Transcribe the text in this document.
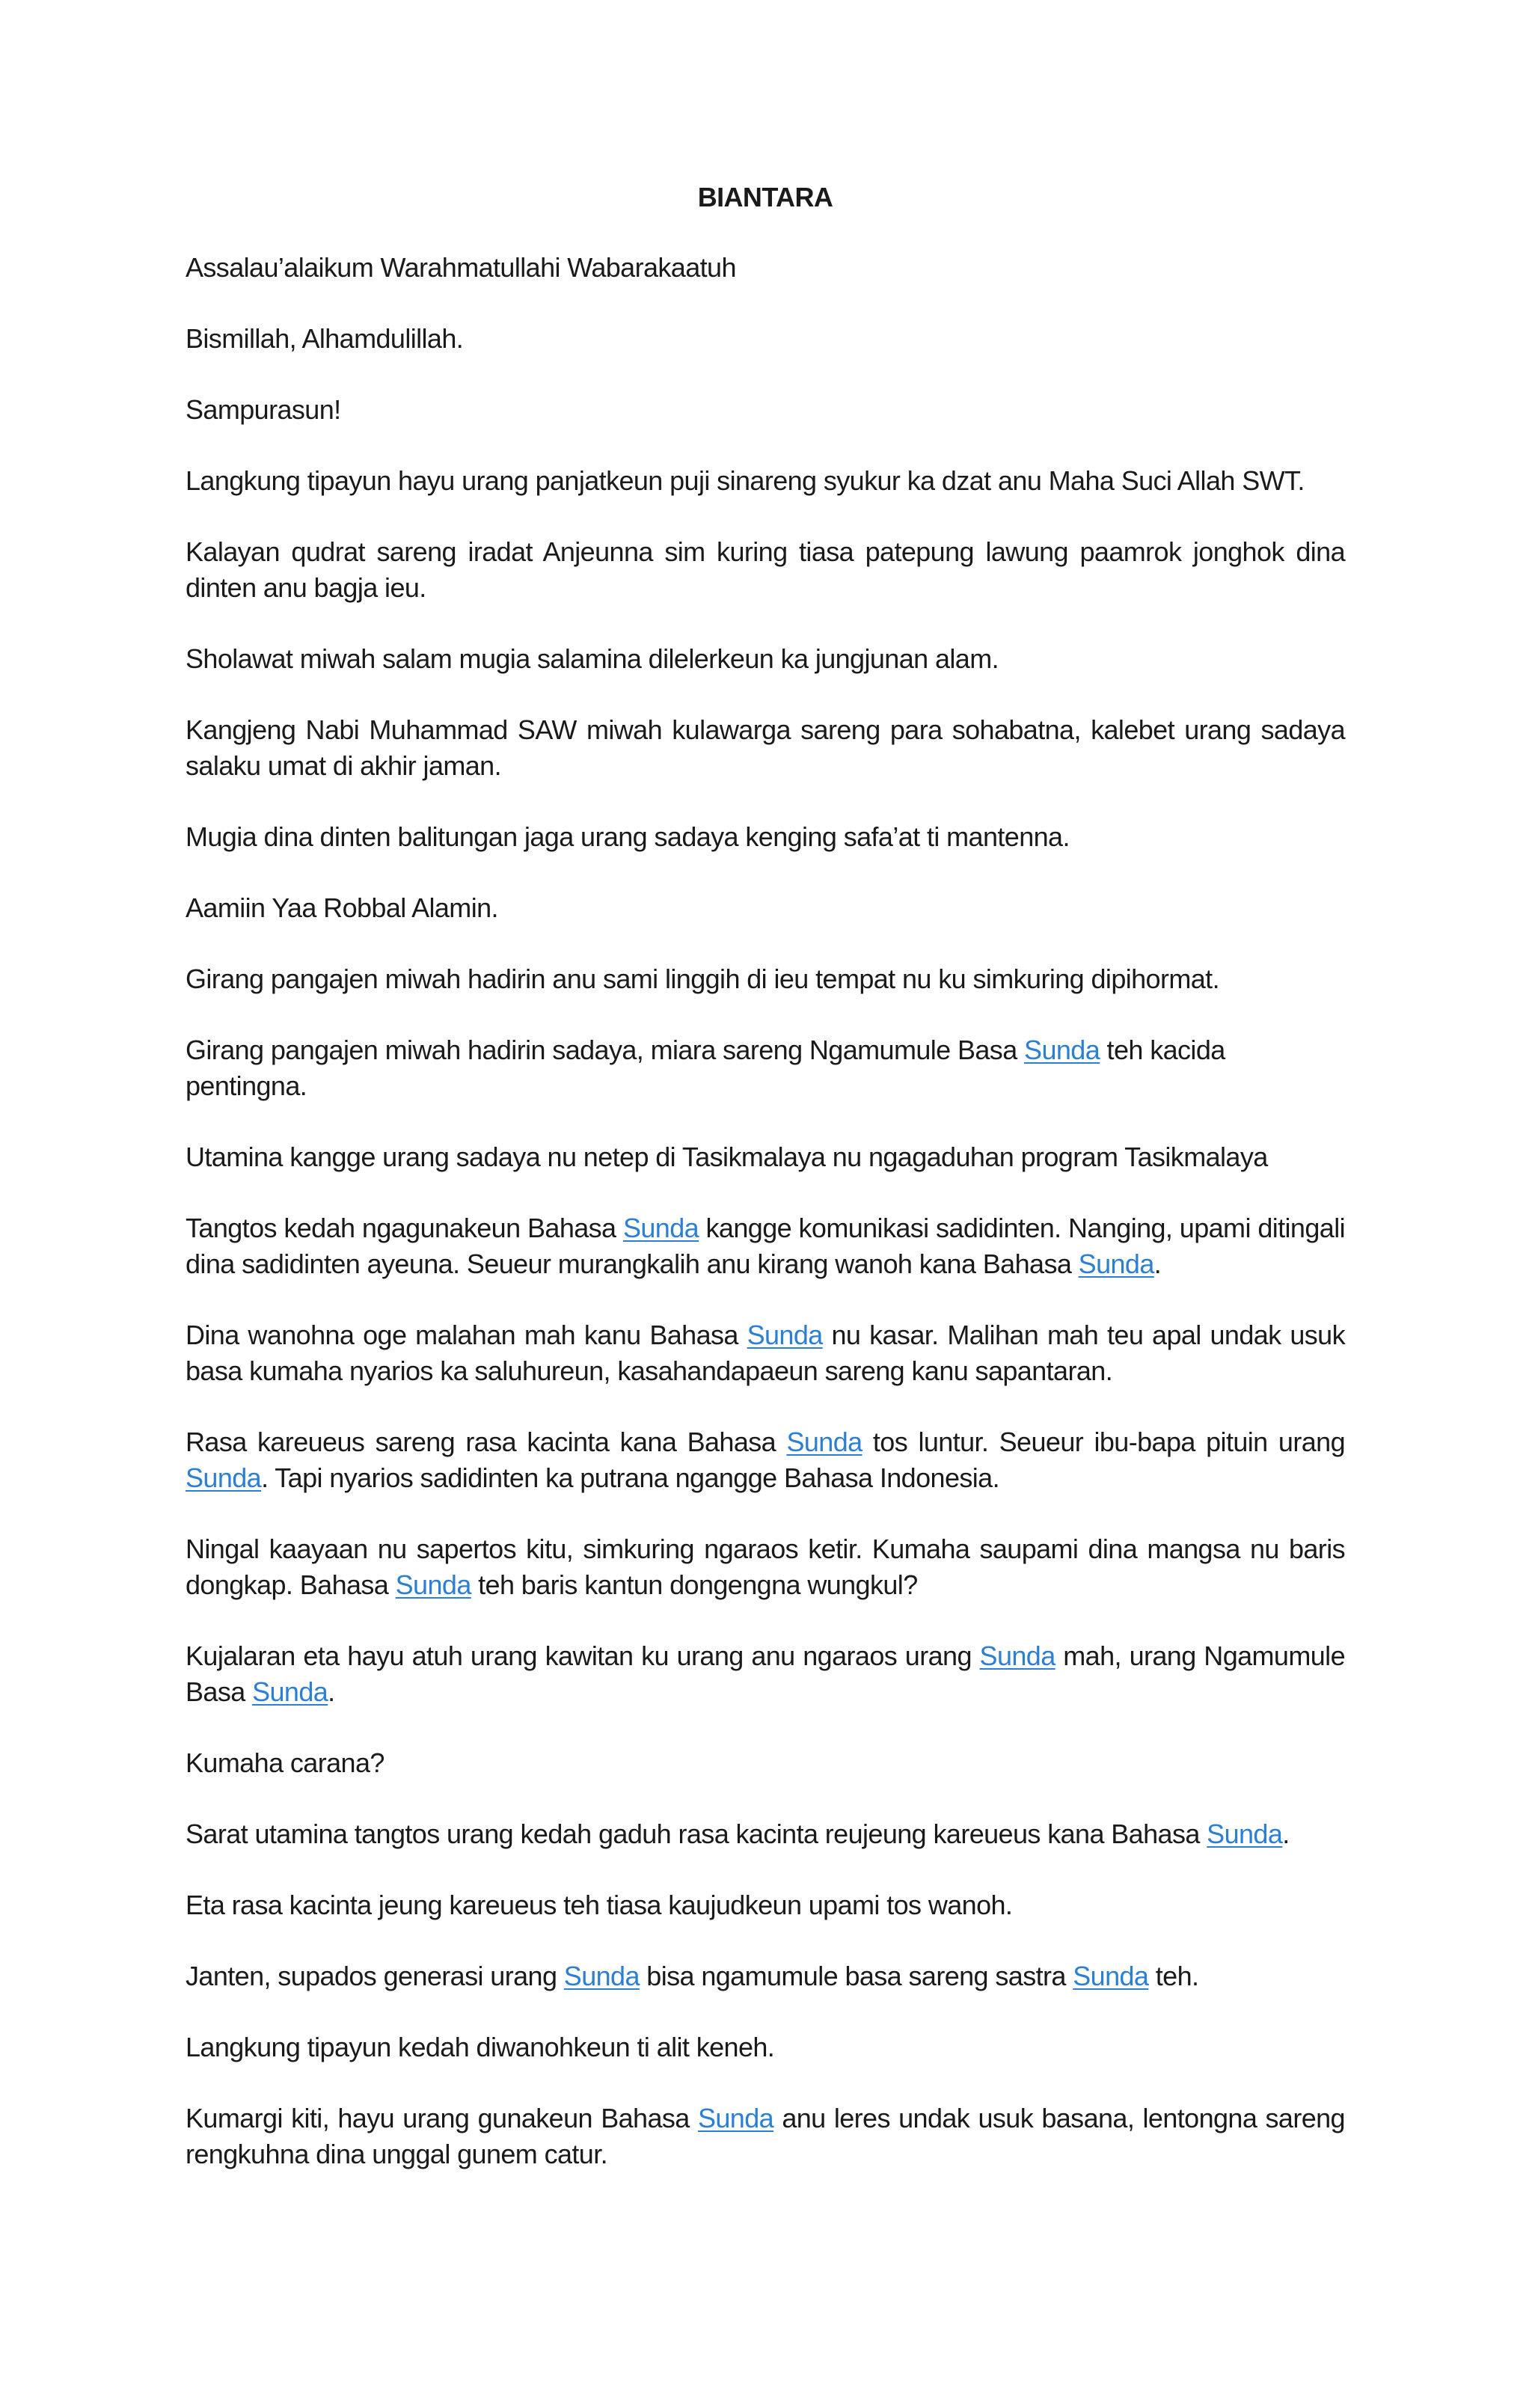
BIANTARA

Assalau’alaikum Warahmatullahi Wabarakaatuh

Bismillah, Alhamdulillah.

Sampurasun!

Langkung tipayun hayu urang panjatkeun puji sinareng syukur ka dzat anu Maha Suci Allah SWT.

Kalayan qudrat sareng iradat Anjeunna sim kuring tiasa patepung lawung paamrok jonghok dina dinten anu bagja ieu.

Sholawat miwah salam mugia salamina dilelerkeun ka jungjunan alam.

Kangjeng Nabi Muhammad SAW miwah kulawarga sareng para sohabatna, kalebet urang sadaya salaku umat di akhir jaman.

Mugia dina dinten balitungan jaga urang sadaya kenging safa’at ti mantenna.

Aamiin Yaa Robbal Alamin.

Girang pangajen miwah hadirin anu sami linggih di ieu tempat nu ku simkuring dipihormat.

Girang pangajen miwah hadirin sadaya, miara sareng Ngamumule Basa Sunda teh kacida pentingna.

Utamina kangge urang sadaya nu netep di Tasikmalaya nu ngagaduhan program Tasikmalaya

Tangtos kedah ngagunakeun Bahasa Sunda kangge komunikasi sadidinten. Nanging, upami ditingali dina sadidinten ayeuna. Seueur murangkalih anu kirang wanoh kana Bahasa Sunda.

Dina wanohna oge malahan mah kanu Bahasa Sunda nu kasar. Malihan mah teu apal undak usuk basa kumaha nyarios ka saluhureun, kasahandapaeun sareng kanu sapantaran.

Rasa kareueus sareng rasa kacinta kana Bahasa Sunda tos luntur. Seueur ibu-bapa pituin urang Sunda. Tapi nyarios sadidinten ka putrana ngangge Bahasa Indonesia.

Ningal kaayaan nu sapertos kitu, simkuring ngaraos ketir. Kumaha saupami dina mangsa nu baris dongkap. Bahasa Sunda teh baris kantun dongengna wungkul?

Kujalaran eta hayu atuh urang kawitan ku urang anu ngaraos urang Sunda mah, urang Ngamumule Basa Sunda.

Kumaha carana?

Sarat utamina tangtos urang kedah gaduh rasa kacinta reujeung kareueus kana Bahasa Sunda.

Eta rasa kacinta jeung kareueus teh tiasa kaujudkeun upami tos wanoh.

Janten, supados generasi urang Sunda bisa ngamumule basa sareng sastra Sunda teh.

Langkung tipayun kedah diwanohkeun ti alit keneh.

Kumargi kiti, hayu urang gunakeun Bahasa Sunda anu leres undak usuk basana, lentongna sareng rengkuhna dina unggal gunem catur.
